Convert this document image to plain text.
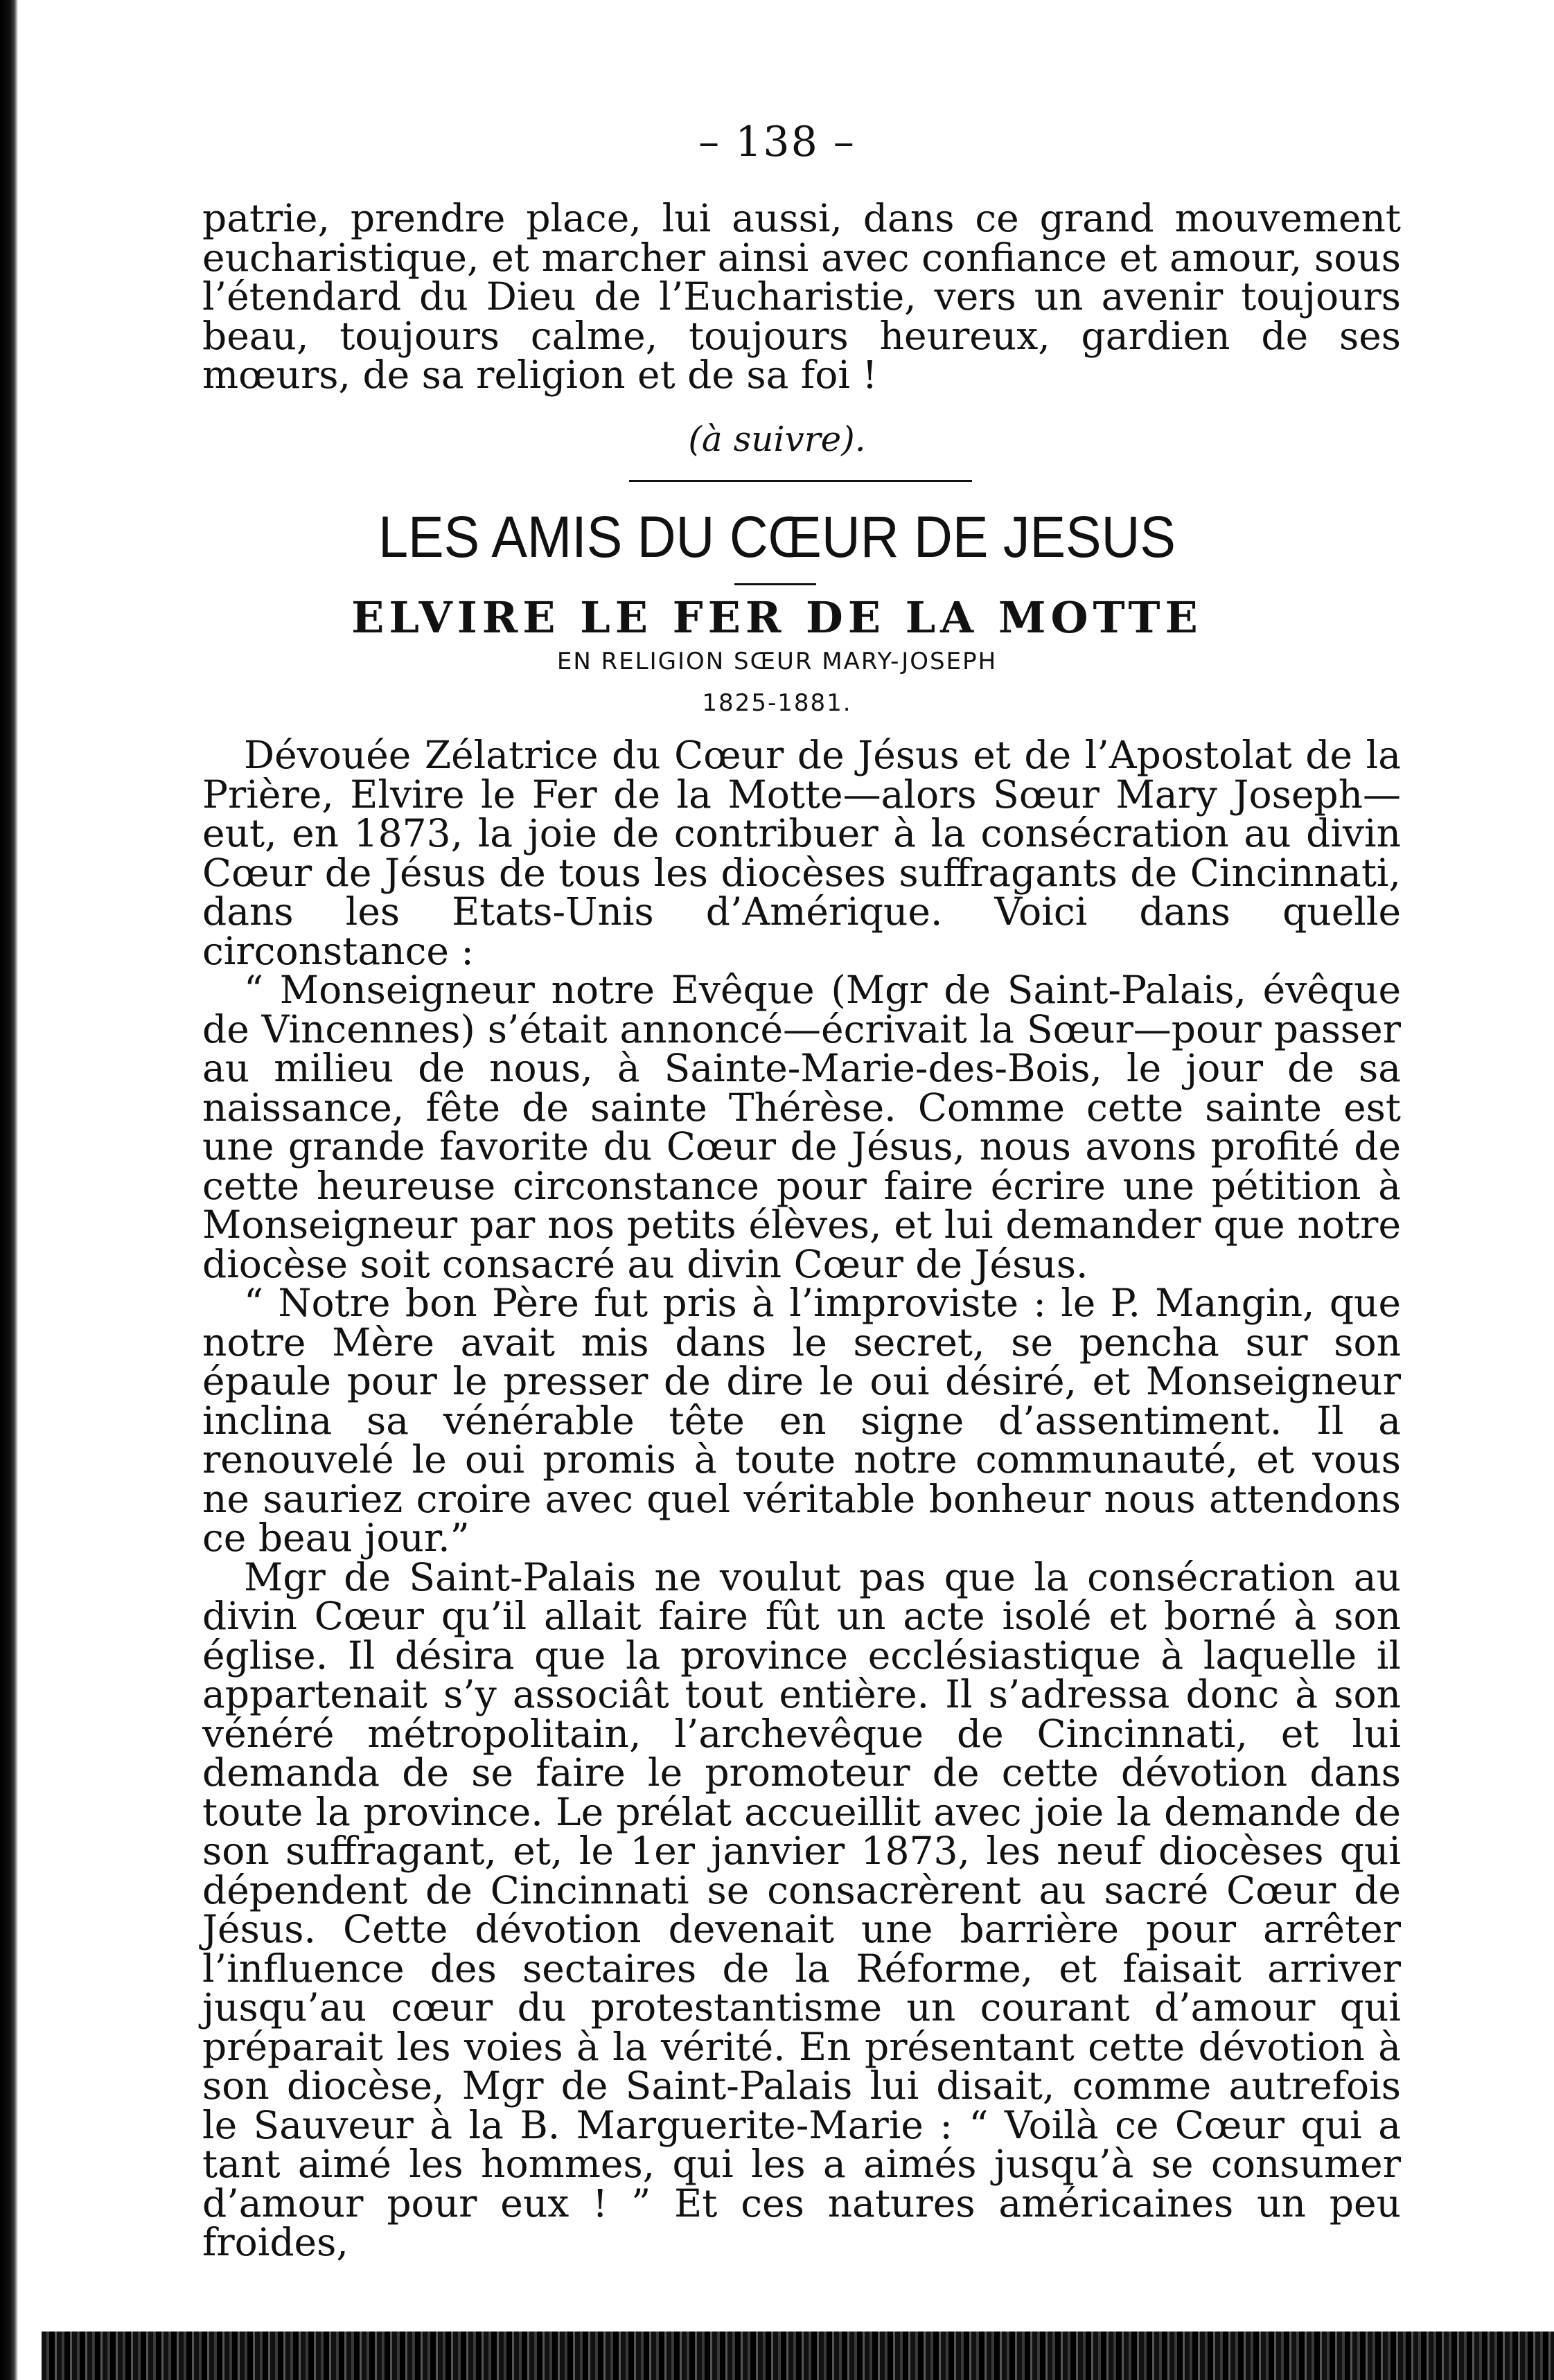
– 138 –

patrie, prendre place, lui aussi, dans ce grand mouvement eucharistique, et marcher ainsi avec confiance et amour, sous l’étendard du Dieu de l’Eucharistie, vers un avenir toujours beau, toujours calme, toujours heureux, gardien de ses mœurs, de sa religion et de sa foi !

(à suivre).
LES AMIS DU CŒUR DE JESUS
ELVIRE LE FER DE LA MOTTE
EN RELIGION SŒUR MARY-JOSEPH
1825-1881.

Dévouée Zélatrice du Cœur de Jésus et de l’Apostolat de la Prière, Elvire le Fer de la Motte—alors Sœur Mary Joseph—eut, en 1873, la joie de contribuer à la consécration au divin Cœur de Jésus de tous les diocèses suffragants de Cincinnati, dans les Etats-Unis d’Amérique. Voici dans quelle circonstance :

“ Monseigneur notre Evêque (Mgr de Saint-Palais, évêque de Vincennes) s’était annoncé—écrivait la Sœur—pour passer au milieu de nous, à Sainte-Marie-des-Bois, le jour de sa naissance, fête de sainte Thérèse. Comme cette sainte est une grande favorite du Cœur de Jésus, nous avons profité de cette heureuse circonstance pour faire écrire une pétition à Monseigneur par nos petits élèves, et lui demander que notre diocèse soit consacré au divin Cœur de Jésus.

“ Notre bon Père fut pris à l’improviste : le P. Mangin, que notre Mère avait mis dans le secret, se pencha sur son épaule pour le presser de dire le oui désiré, et Monseigneur inclina sa vénérable tête en signe d’assentiment. Il a renouvelé le oui promis à toute notre communauté, et vous ne sauriez croire avec quel véritable bonheur nous attendons ce beau jour.”

Mgr de Saint-Palais ne voulut pas que la consécration au divin Cœur qu’il allait faire fût un acte isolé et borné à son église. Il désira que la province ecclésiastique à laquelle il appartenait s’y associât tout entière. Il s’adressa donc à son vénéré métropolitain, l’archevêque de Cincinnati, et lui demanda de se faire le promoteur de cette dévotion dans toute la province. Le prélat accueillit avec joie la demande de son suffragant, et, le 1er janvier 1873, les neuf diocèses qui dépendent de Cincinnati se consacrèrent au sacré Cœur de Jésus. Cette dévotion devenait une barrière pour arrêter l’influence des sectaires de la Réforme, et faisait arriver jusqu’au cœur du protestantisme un courant d’amour qui préparait les voies à la vérité. En présentant cette dévotion à son diocèse, Mgr de Saint-Palais lui disait, comme autrefois le Sauveur à la B. Marguerite-Marie : “ Voilà ce Cœur qui a tant aimé les hommes, qui les a aimés jusqu’à se consumer d’amour pour eux ! ” Et ces natures américaines un peu froides,
